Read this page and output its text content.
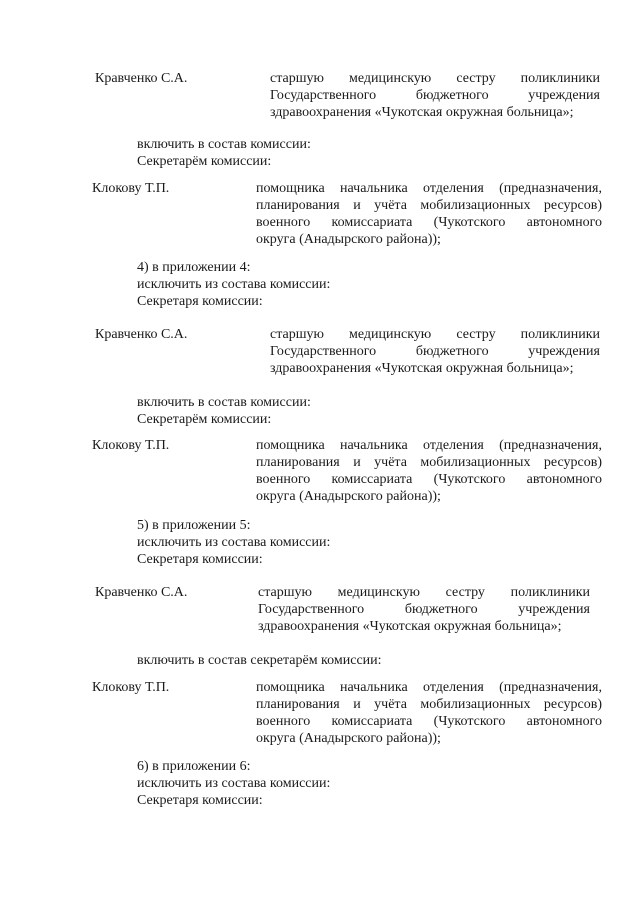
Кравченко С.А.	старшую медицинскую сестру поликлиники
Государственного бюджетного учреждения
здравоохранения «Чукотская окружная больница»;
включить в состав комиссии:
Секретарём комиссии:
Клокову Т.П.	помощника начальника отделения (предназначения,
планирования и учёта мобилизационных ресурсов)
военного комиссариата (Чукотского автономного
округа (Анадырского района));
4) в приложении 4:
исключить из состава комиссии:
Секретаря комиссии:
Кравченко С.А.	старшую медицинскую сестру поликлиники
Государственного бюджетного учреждения
здравоохранения «Чукотская окружная больница»;
включить в состав комиссии:
Секретарём комиссии:
Клокову Т.П.	помощника начальника отделения (предназначения,
планирования и учёта мобилизационных ресурсов)
военного комиссариата (Чукотского автономного
округа (Анадырского района));
5) в приложении 5:
исключить из состава комиссии:
Секретаря комиссии:
Кравченко С.А.	старшую медицинскую сестру поликлиники
Государственного бюджетного учреждения
здравоохранения «Чукотская окружная больница»;
включить в состав секретарём комиссии:
Клокову Т.П.	помощника начальника отделения (предназначения,
планирования и учёта мобилизационных ресурсов)
военного комиссариата (Чукотского автономного
округа (Анадырского района));
6) в приложении 6:
исключить из состава комиссии:
Секретаря комиссии:
